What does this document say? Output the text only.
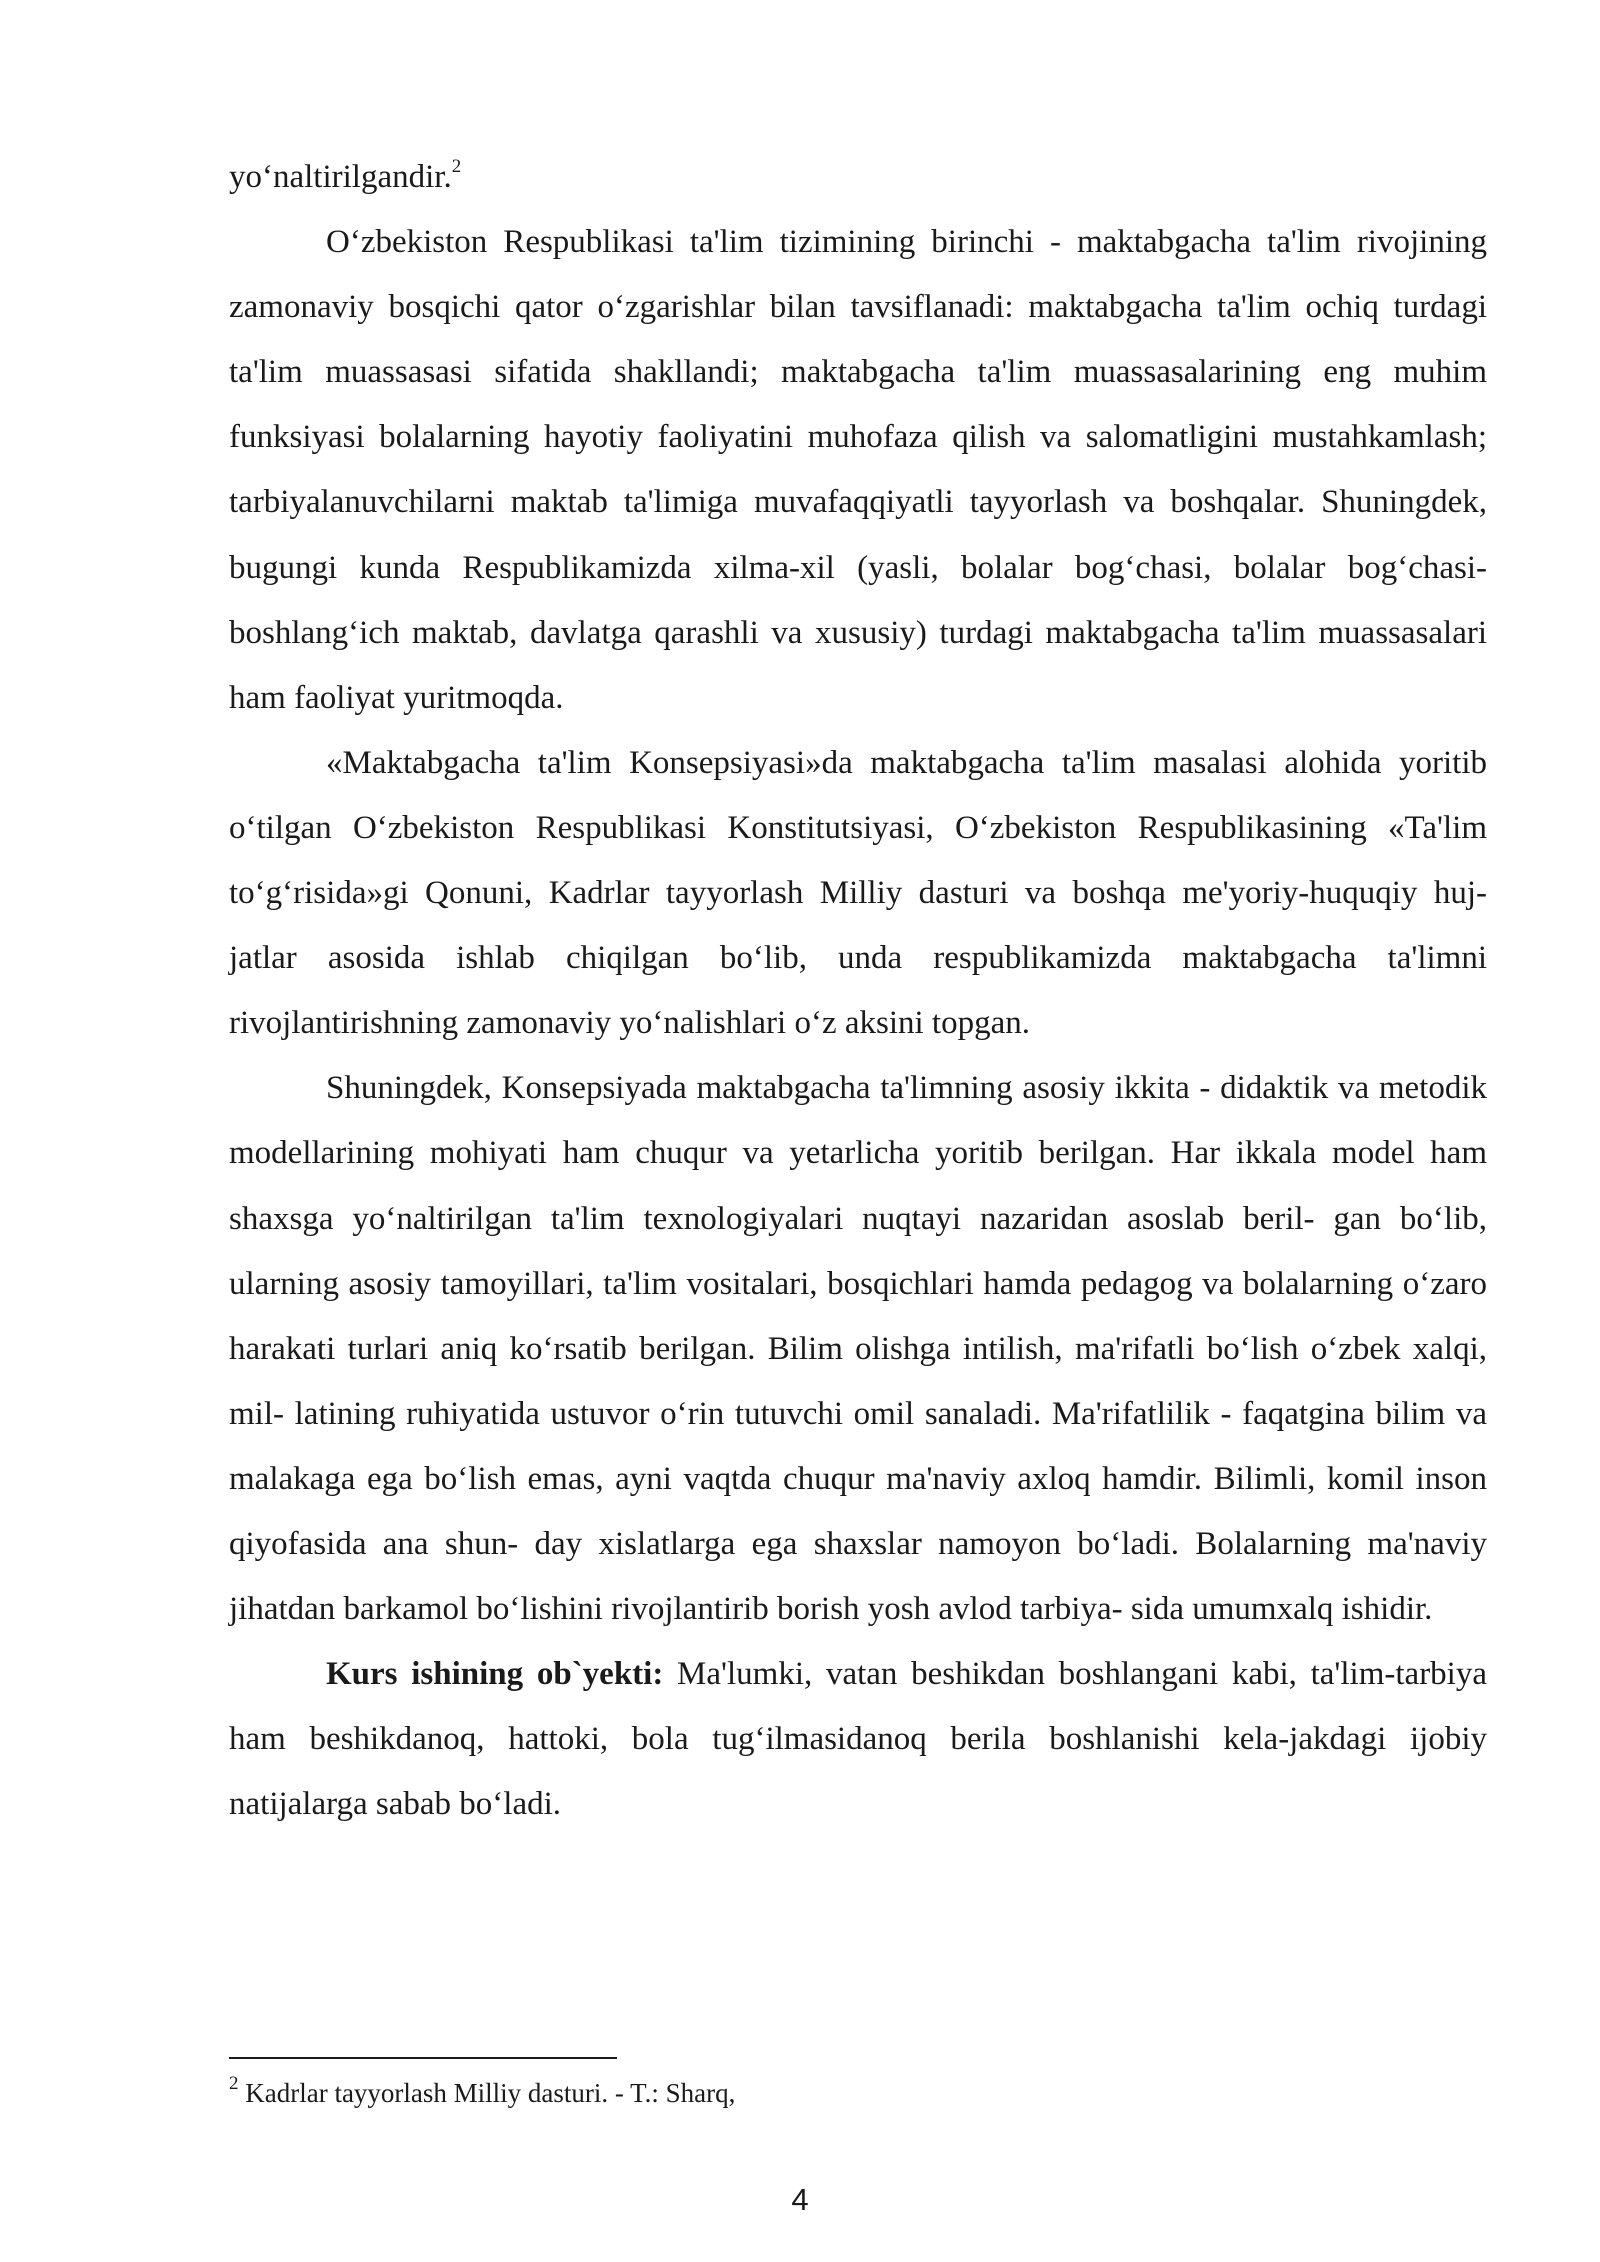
yo‘naltirilgandir.$^2$

O‘zbekiston Respublikasi ta'lim tizimining birinchi - maktabgacha ta'lim rivojining zamonaviy bosqichi qator o‘zgarishlar bilan tavsiflanadi: maktabgacha ta'lim ochiq turdagi ta'lim muassasasi sifatida shakllandi; maktabgacha ta'lim muassasalarining eng muhim funksiyasi bolalarning hayotiy faoliyatini muhofaza qilish va salomatligini mustahkamlash; tarbiyalanuvchilarni maktab ta'limiga muvafaqqiyatli tayyorlash va boshqalar. Shuningdek, bugungi kunda Respublikamizda xilma-xil (yasli, bolalar bog‘chasi, bolalar bog‘chasi-boshlang‘ich maktab, davlatga qarashli va xususiy) turdagi maktabgacha ta'lim muassasalari ham faoliyat yuritmoqda.

«Maktabgacha ta'lim Konsepsiyasi»da maktabgacha ta'lim masalasi alohida yoritib o‘tilgan O‘zbekiston Respublikasi Konstitutsiyasi, O‘zbekiston Respublikasining «Ta'lim to‘g‘risida»gi Qonuni, Kadrlar tayyorlash Milliy dasturi va boshqa me'yoriy-huquqiy huj- jatlar asosida ishlab chiqilgan bo‘lib, unda respublikamizda maktabgacha ta'limni rivojlantirishning zamonaviy yo‘nalishlari o‘z aksini topgan.

Shuningdek, Konsepsiyada maktabgacha ta'limning asosiy ikkita - didaktik va metodik modellarining mohiyati ham chuqur va yetarlicha yoritib berilgan. Har ikkala model ham shaxsga yo‘naltirilgan ta'lim texnologiyalari nuqtayi nazaridan asoslab beril- gan bo‘lib, ularning asosiy tamoyillari, ta'lim vositalari, bosqichlari hamda pedagog va bolalarning o‘zaro harakati turlari aniq ko‘rsatib berilgan. Bilim olishga intilish, ma'rifatli bo‘lish o‘zbek xalqi, mil- latining ruhiyatida ustuvor o‘rin tutuvchi omil sanaladi. Ma'rifatlilik - faqatgina bilim va malakaga ega bo‘lish emas, ayni vaqtda chuqur ma'naviy axloq hamdir. Bilimli, komil inson qiyofasida ana shun- day xislatlarga ega shaxslar namoyon bo‘ladi. Bolalarning ma'naviy jihatdan barkamol bo‘lishini rivojlantirib borish yosh avlod tarbiya- sida umumxalq ishidir.

Kurs ishining ob`yekti: Ma'lumki, vatan beshikdan boshlangani kabi, ta'lim-tarbiya ham beshikdanoq, hattoki, bola tug‘ilmasidanoq berila boshlanishi kela-jakdagi ijobiy natijalarga sabab bo‘ladi.

$^2$ Kadrlar tayyorlash Milliy dasturi. - T.: Sharq,
4
